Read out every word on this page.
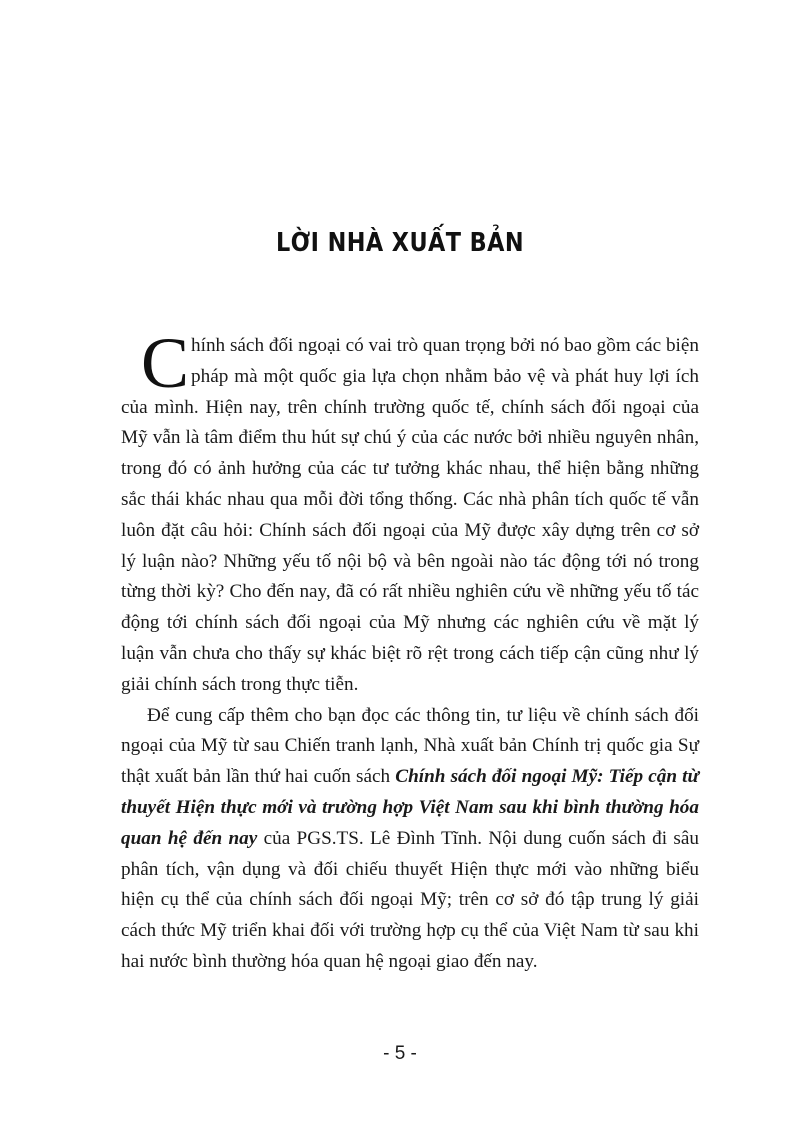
LỜI NHÀ XUẤT BẢN

Chính sách đối ngoại có vai trò quan trọng bởi nó bao gồm các biện pháp mà một quốc gia lựa chọn nhằm bảo vệ và phát huy lợi ích của mình. Hiện nay, trên chính trường quốc tế, chính sách đối ngoại của Mỹ vẫn là tâm điểm thu hút sự chú ý của các nước bởi nhiều nguyên nhân, trong đó có ảnh hưởng của các tư tưởng khác nhau, thể hiện bằng những sắc thái khác nhau qua mỗi đời tổng thống. Các nhà phân tích quốc tế vẫn luôn đặt câu hỏi: Chính sách đối ngoại của Mỹ được xây dựng trên cơ sở lý luận nào? Những yếu tố nội bộ và bên ngoài nào tác động tới nó trong từng thời kỳ? Cho đến nay, đã có rất nhiều nghiên cứu về những yếu tố tác động tới chính sách đối ngoại của Mỹ nhưng các nghiên cứu về mặt lý luận vẫn chưa cho thấy sự khác biệt rõ rệt trong cách tiếp cận cũng như lý giải chính sách trong thực tiễn.

Để cung cấp thêm cho bạn đọc các thông tin, tư liệu về chính sách đối ngoại của Mỹ từ sau Chiến tranh lạnh, Nhà xuất bản Chính trị quốc gia Sự thật xuất bản lần thứ hai cuốn sách Chính sách đối ngoại Mỹ: Tiếp cận từ thuyết Hiện thực mới và trường hợp Việt Nam sau khi bình thường hóa quan hệ đến nay của PGS.TS. Lê Đình Tĩnh. Nội dung cuốn sách đi sâu phân tích, vận dụng và đối chiếu thuyết Hiện thực mới vào những biểu hiện cụ thể của chính sách đối ngoại Mỹ; trên cơ sở đó tập trung lý giải cách thức Mỹ triển khai đối với trường hợp cụ thể của Việt Nam từ sau khi hai nước bình thường hóa quan hệ ngoại giao đến nay.

- 5 -
